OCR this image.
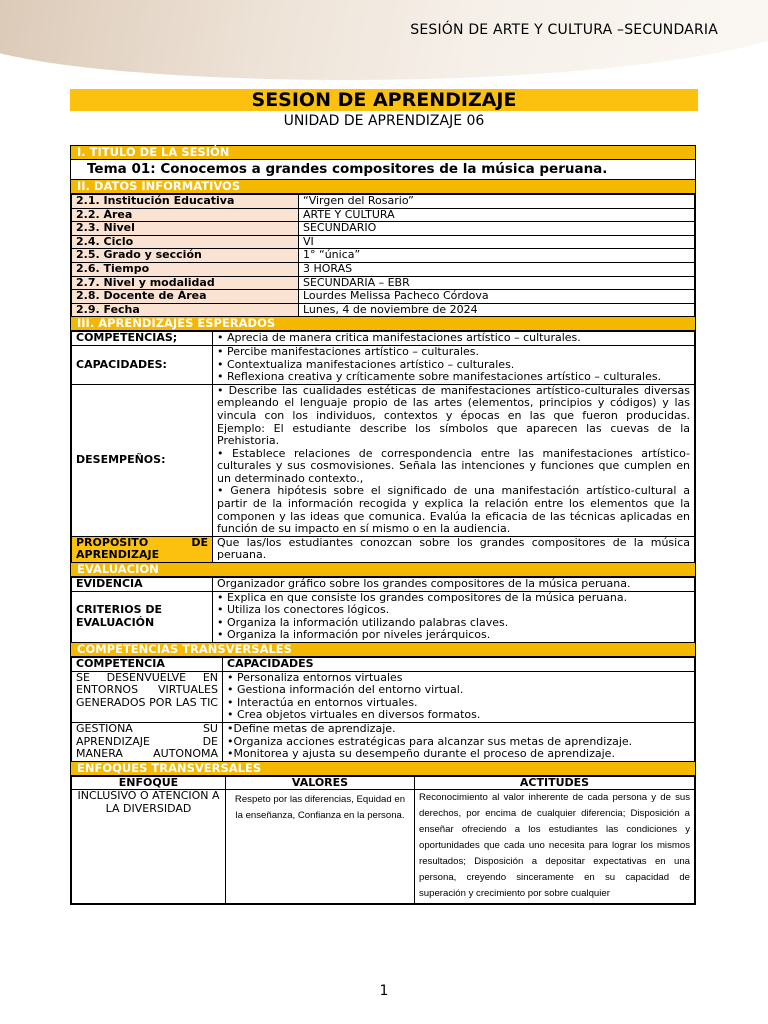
SESIÓN DE ARTE Y CULTURA –SECUNDARIA
SESION DE APRENDIZAJE
UNIDAD DE APRENDIZAJE 06
I. TITULO DE LA SESIÓN
Tema 01: Conocemos a grandes compositores de la música peruana.
II. DATOS INFORMATIVOS
2.1. Institución Educativa	“Virgen del Rosario”
2.2. Área	ARTE Y CULTURA
2.3. Nivel	SECUNDARIO
2.4. Ciclo	VI
2.5. Grado y sección	1° “única”
2.6. Tiempo	3 HORAS
2.7. Nivel y modalidad	SECUNDARIA – EBR
2.8. Docente de Área	Lourdes Melissa Pacheco Córdova
2.9. Fecha	Lunes, 4 de noviembre de 2024
III. APRENDIZAJES ESPERADOS
COMPETENCIAS;	• Aprecia de manera critica manifestaciones artístico – culturales.
CAPACIDADES:	• Percibe manifestaciones artístico – culturales.
• Contextualiza manifestaciones artístico – culturales.
• Reflexiona creativa y críticamente sobre manifestaciones artístico – culturales.

DESEMPEÑOS:	• Describe las cualidades estéticas de manifestaciones artístico-culturales diversas empleando el lenguaje propio de las artes (elementos, principios y códigos) y las vincula con los individuos, contextos y épocas en las que fueron producidas. Ejemplo: El estudiante describe los símbolos que aparecen las cuevas de la Prehistoria.
• Establece relaciones de correspondencia entre las manifestaciones artístico-culturales y sus cosmovisiones. Señala las intenciones y funciones que cumplen en un determinado contexto.,
• Genera hipótesis sobre el significado de una manifestación artístico-cultural a partir de la información recogida y explica la relación entre los elementos que la componen y las ideas que comunica. Evalúa la eficacia de las técnicas aplicadas en función de su impacto en sí mismo o en la audiencia.

PROPOSITO DE APRENDIZAJE	Que las/los estudiantes conozcan sobre los grandes compositores de la música peruana.
EVALUACION
EVIDENCIA	Organizador gráfico sobre los grandes compositores de la música peruana.
CRITERIOS DE EVALUACIÓN	• Explica en que consiste los grandes compositores de la música peruana.
• Utiliza los conectores lógicos.
• Organiza la información utilizando palabras claves.
• Organiza la información por niveles jerárquicos.
COMPETENCIAS TRANSVERSALES
COMPETENCIA	CAPACIDADES
SE DESENVUELVE EN ENTORNOS VIRTUALES GENERADOS POR LAS TIC	• Personaliza entornos virtuales
• Gestiona información del entorno virtual.
• Interactúa en entornos virtuales.
• Crea objetos virtuales en diversos formatos.

GESTIONA SU APRENDIZAJE DE MANERA AUTONOMA	•Define metas de aprendizaje.
•Organiza acciones estratégicas para alcanzar sus metas de aprendizaje.
•Monitorea y ajusta su desempeño durante el proceso de aprendizaje.
ENFOQUES TRANSVERSALES
ENFOQUE	VALORES	ACTITUDES
INCLUSIVO O ATENCIÓN A LA DIVERSIDAD	Respeto por las diferencias, Equidad en la enseñanza, Confianza en la persona.	Reconocimiento al valor inherente de cada persona y de sus derechos, por encima de cualquier diferencia; Disposición a enseñar ofreciendo a los estudiantes las condiciones y oportunidades que cada uno necesita para lograr los mismos resultados; Disposición a depositar expectativas en una persona, creyendo sinceramente en su capacidad de superación y crecimiento por sobre cualquier
1
